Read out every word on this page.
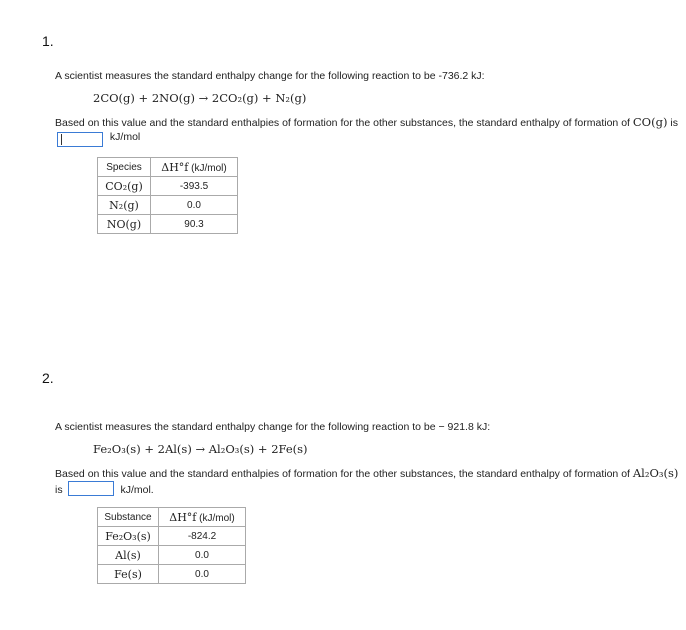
1.

A scientist measures the standard enthalpy change for the following reaction to be -736.2 kJ:

2CO(g) + 2NO(g) → 2CO₂(g) + N₂(g)

Based on this value and the standard enthalpies of formation for the other substances, the standard enthalpy of formation of CO(g) is  kJ/mol

Species	ΔH°f (kJ/mol)
CO₂(g)	-393.5
N₂(g)	0.0
NO(g)	90.3
2.

A scientist measures the standard enthalpy change for the following reaction to be − 921.8 kJ:

Fe₂O₃(s) + 2Al(s) → Al₂O₃(s) + 2Fe(s)

Based on this value and the standard enthalpies of formation for the other substances, the standard enthalpy of formation of Al₂O₃(s) is	kJ/mol.

Substance	ΔH°f (kJ/mol)
Fe₂O₃(s)	-824.2
Al(s)	0.0
Fe(s)	0.0
